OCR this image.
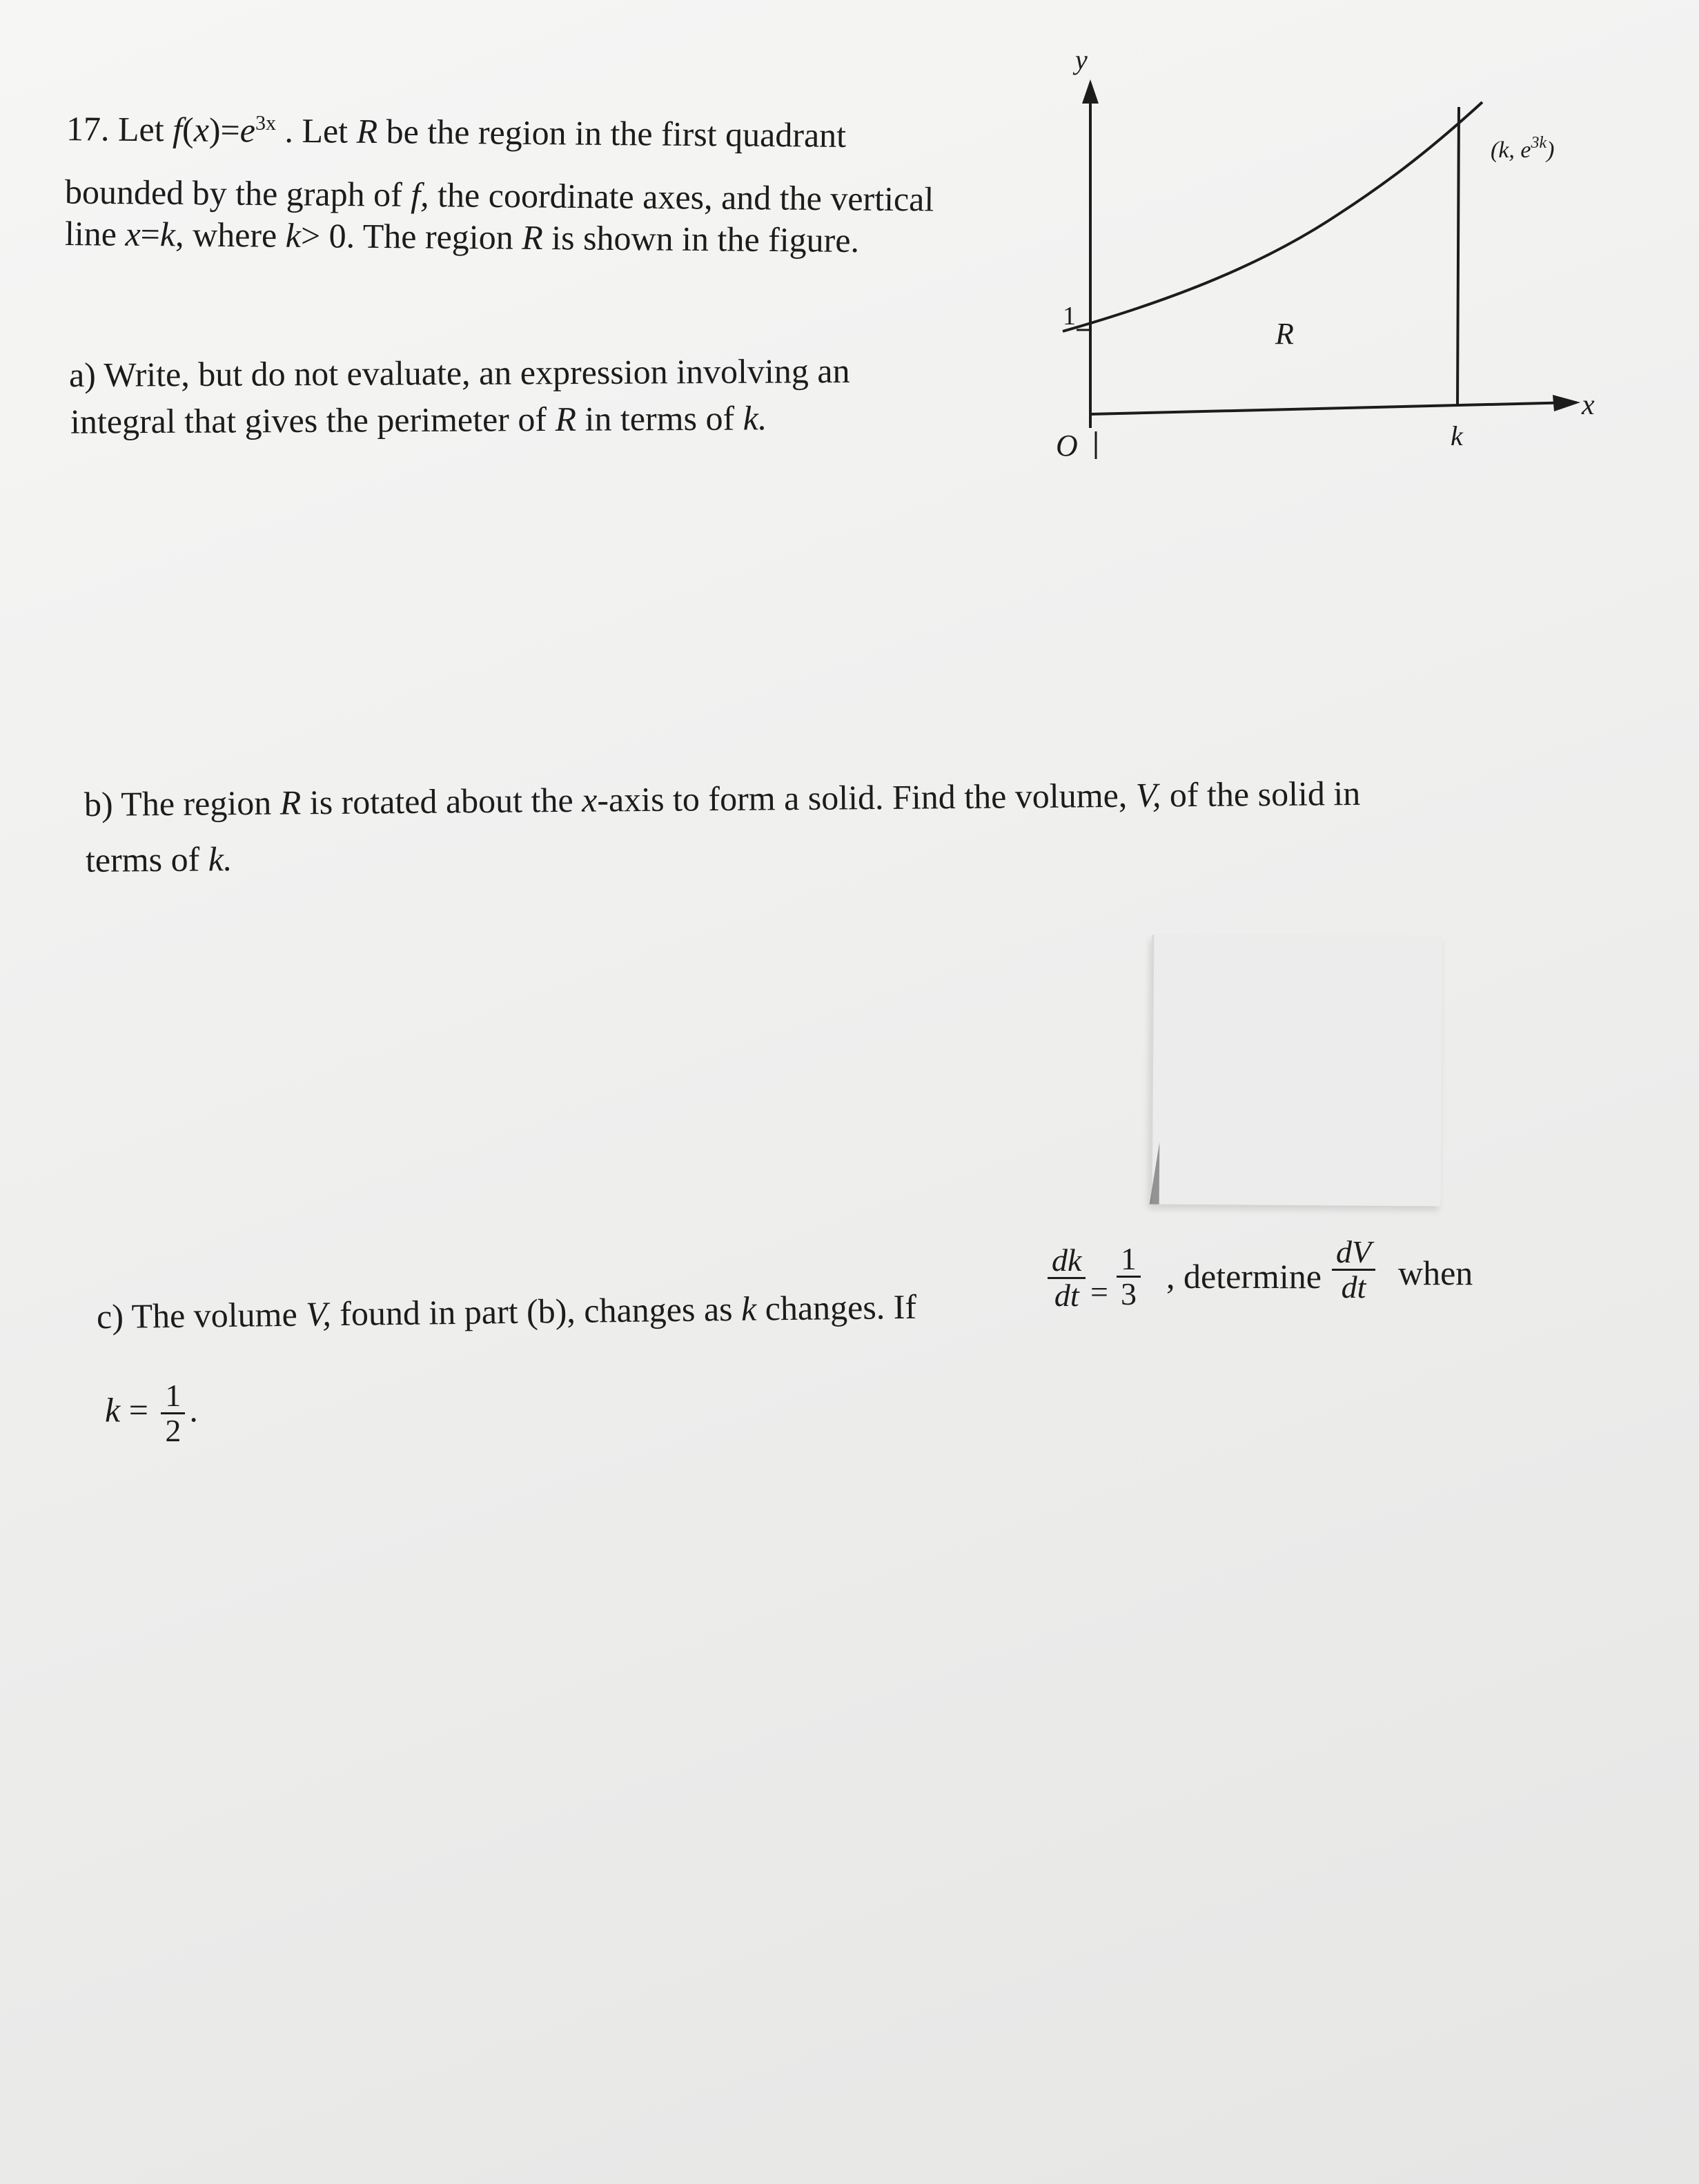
17. Let $f(x)=e^{3x}$ . Let R be the region in the first quadrant
bounded by the graph of f, the coordinate axes, and the vertical
line x=k, where k> 0. The region R is shown in the figure.
a) Write, but do not evaluate, an expression involving an
integral that gives the perimeter of R in terms of k.
b) The region R is rotated about the x-axis to form a solid. Find the volume, V, of the solid in
terms of k.
c) The volume V, found in part (b), changes as k changes. If	$\frac{dk}{dt} = \frac{1}{3}$ , determine $\frac{dV}{dt}$ when
$k = \frac{1}{2}$ .
y
x
1
O
R
k
(k, $e^{3k}$)
